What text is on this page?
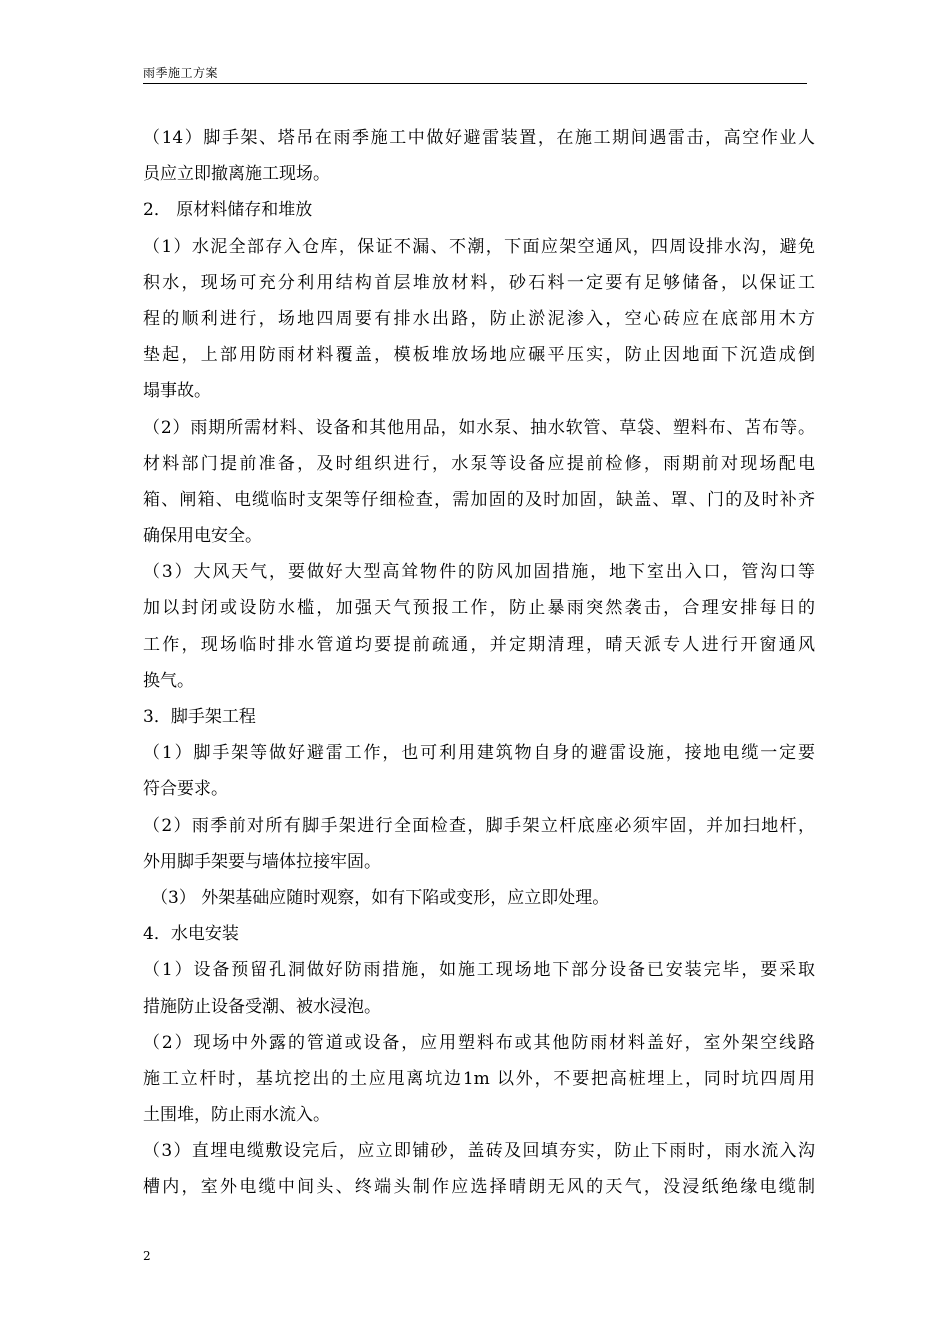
雨季施工方案
（14）脚手架、塔吊在雨季施工中做好避雷装置，在施工期间遇雷击，高空作业人
员应立即撤离施工现场。
2． 原材料储存和堆放
（1）水泥全部存入仓库，保证不漏、不潮，下面应架空通风，四周设排水沟，避免
积水，现场可充分利用结构首层堆放材料，砂石料一定要有足够储备，以保证工
程的顺利进行，场地四周要有排水出路，防止淤泥渗入，空心砖应在底部用木方
垫起，上部用防雨材料覆盖，模板堆放场地应碾平压实，防止因地面下沉造成倒
塌事故。
（2）雨期所需材料、设备和其他用品，如水泵、抽水软管、草袋、塑料布、苫布等。
材料部门提前准备，及时组织进行，水泵等设备应提前检修，雨期前对现场配电
箱、闸箱、电缆临时支架等仔细检查，需加固的及时加固，缺盖、罩、门的及时补齐
确保用电安全。
（3）大风天气，要做好大型高耸物件的防风加固措施，地下室出入口，管沟口等
加以封闭或设防水槛，加强天气预报工作，防止暴雨突然袭击，合理安排每日的
工作，现场临时排水管道均要提前疏通，并定期清理，晴天派专人进行开窗通风
换气。
3．脚手架工程
（1）脚手架等做好避雷工作，也可利用建筑物自身的避雷设施，接地电缆一定要
符合要求。
（2）雨季前对所有脚手架进行全面检查，脚手架立杆底座必须牢固，并加扫地杆，
外用脚手架要与墙体拉接牢固。
（3） 外架基础应随时观察，如有下陷或变形，应立即处理。
4．水电安装
（1）设备预留孔洞做好防雨措施，如施工现场地下部分设备已安装完毕，要采取
措施防止设备受潮、被水浸泡。
（2）现场中外露的管道或设备，应用塑料布或其他防雨材料盖好，室外架空线路
施工立杆时，基坑挖出的土应甩离坑边1m 以外，不要把高桩埋上，同时坑四周用
土围堆，防止雨水流入。
（3）直埋电缆敷设完后，应立即铺砂，盖砖及回填夯实，防止下雨时，雨水流入沟
槽内，室外电缆中间头、终端头制作应选择晴朗无风的天气，没浸纸绝缘电缆制
2
